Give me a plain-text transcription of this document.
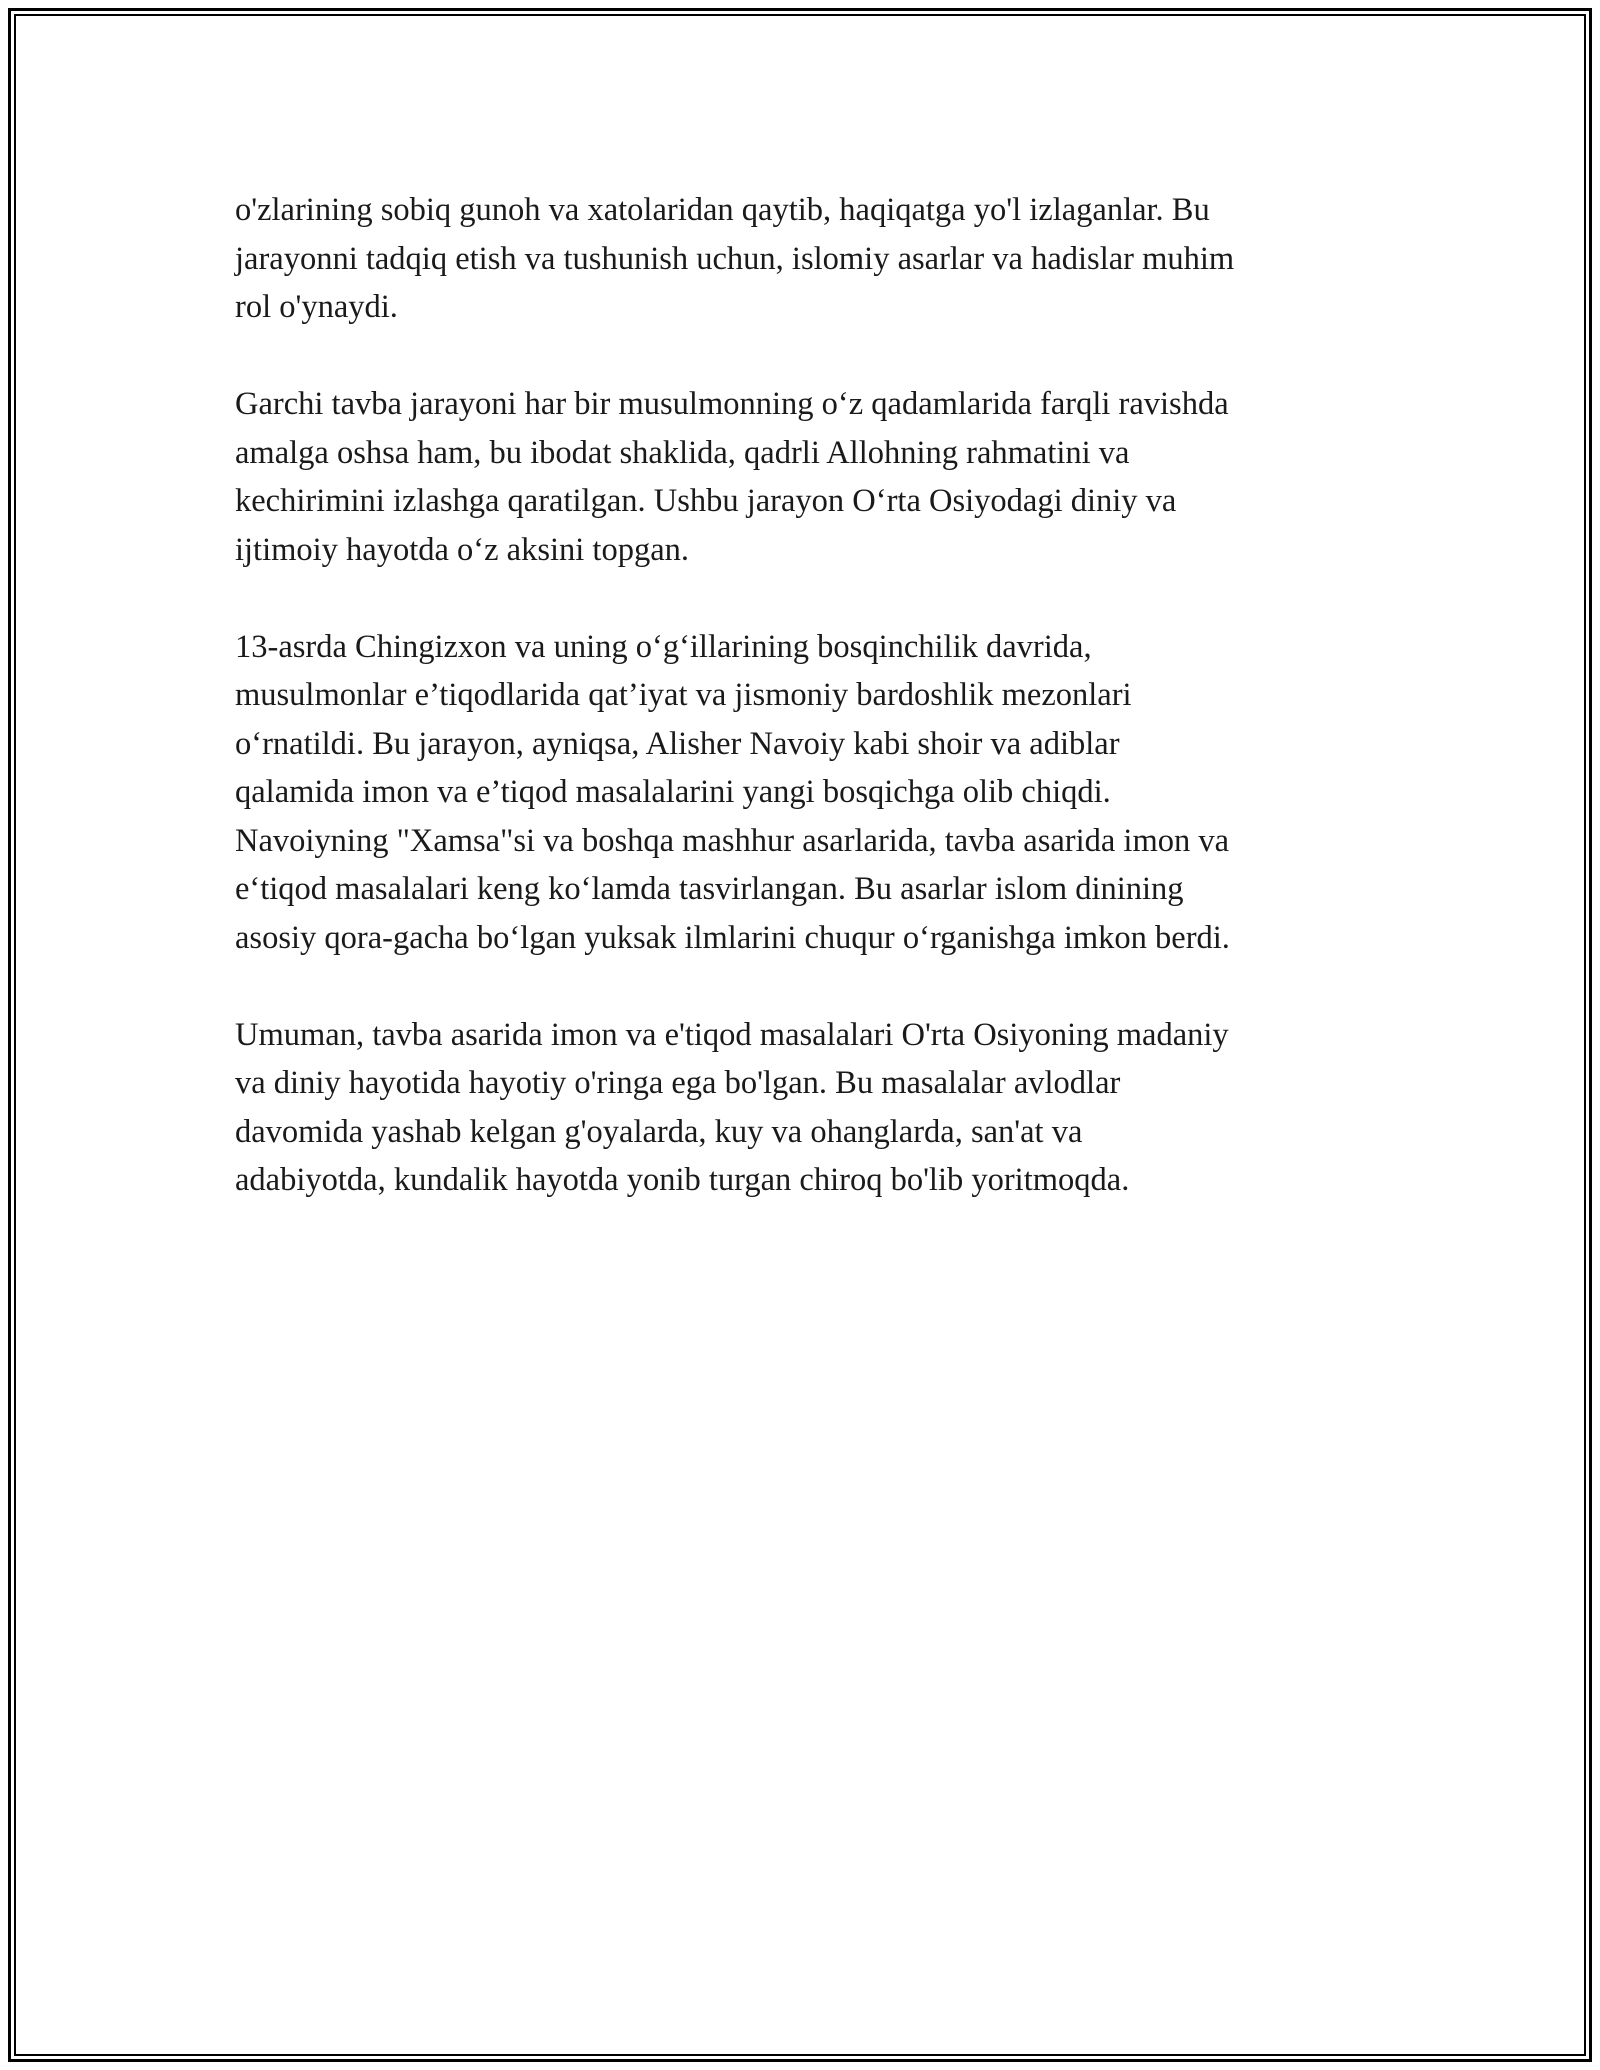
o'zlarining sobiq gunoh va xatolaridan qaytib, haqiqatga yo'l izlaganlar. Bu
jarayonni tadqiq etish va tushunish uchun, islomiy asarlar va hadislar muhim
rol o'ynaydi.

Garchi tavba jarayoni har bir musulmonning o‘z qadamlarida farqli ravishda
amalga oshsa ham, bu ibodat shaklida, qadrli Allohning rahmatini va
kechirimini izlashga qaratilgan. Ushbu jarayon O‘rta Osiyodagi diniy va
ijtimoiy hayotda o‘z aksini topgan.

13-asrda Chingizxon va uning o‘g‘illarining bosqinchilik davrida,
musulmonlar e’tiqodlarida qat’iyat va jismoniy bardoshlik mezonlari
o‘rnatildi. Bu jarayon, ayniqsa, Alisher Navoiy kabi shoir va adiblar
qalamida imon va e’tiqod masalalarini yangi bosqichga olib chiqdi.
Navoiyning "Xamsa"si va boshqa mashhur asarlarida, tavba asarida imon va
e‘tiqod masalalari keng ko‘lamda tasvirlangan. Bu asarlar islom dinining
asosiy qora-gacha bo‘lgan yuksak ilmlarini chuqur o‘rganishga imkon berdi.

Umuman, tavba asarida imon va e'tiqod masalalari O'rta Osiyoning madaniy
va diniy hayotida hayotiy o'ringa ega bo'lgan. Bu masalalar avlodlar
davomida yashab kelgan g'oyalarda, kuy va ohanglarda, san'at va
adabiyotda, kundalik hayotda yonib turgan chiroq bo'lib yoritmoqda.
